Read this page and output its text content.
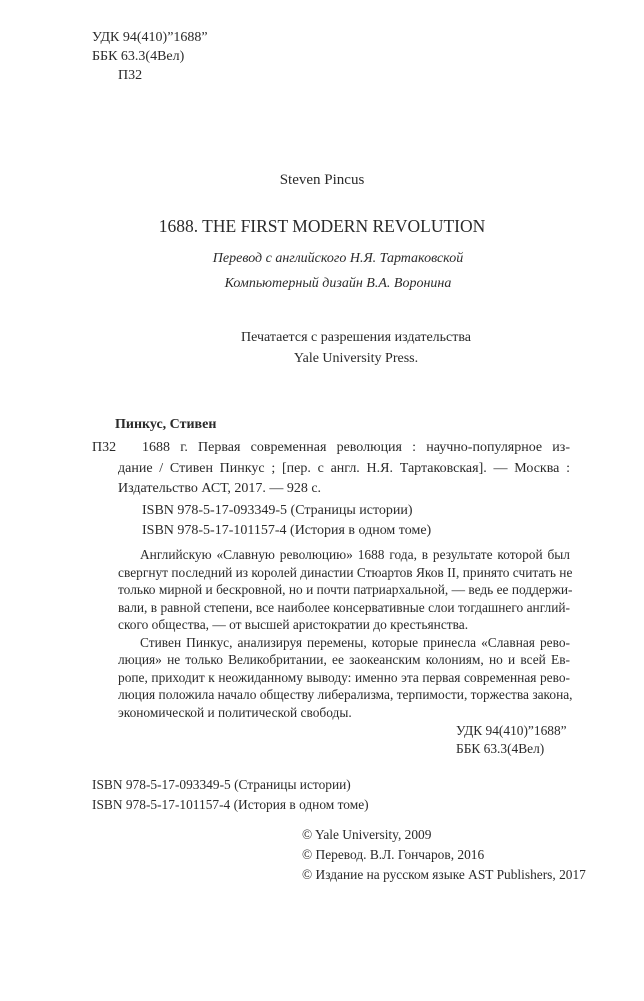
УДК 94(410)”1688”
ББК 63.3(4Вел)
П32
Steven Pincus
1688. THE FIRST MODERN REVOLUTION
Перевод с английского Н.Я. Тартаковской
Компьютерный дизайн В.А. Воронина
Печатается с разрешения издательства
Yale University Press.
Пинкус, Стивен
П32 1688 г. Первая современная революция : научно-популярное из-
дание / Стивен Пинкус ; [пер. с англ. Н.Я. Тартаковская]. — Москва :
Издательство АСТ, 2017. — 928 с.
ISBN 978-5-17-093349-5 (Страницы истории)
ISBN 978-5-17-101157-4 (История в одном томе)
Английскую «Славную революцию» 1688 года, в результате которой был
свергнут последний из королей династии Стюартов Яков II, принято считать не
только мирной и бескровной, но и почти патриархальной, — ведь ее поддержи-
вали, в равной степени, все наиболее консервативные слои тогдашнего англий-
ского общества, — от высшей аристократии до крестьянства.
Стивен Пинкус, анализируя перемены, которые принесла «Славная рево-
люция» не только Великобритании, ее заокеанским колониям, но и всей Ев-
ропе, приходит к неожиданному выводу: именно эта первая современная рево-
люция положила начало обществу либерализма, терпимости, торжества закона,
экономической и политической свободы.
УДК 94(410)”1688”
ББК 63.3(4Вел)
ISBN 978-5-17-093349-5 (Страницы истории)
ISBN 978-5-17-101157-4 (История в одном томе)
© Yale University, 2009
© Перевод. В.Л. Гончаров, 2016
© Издание на русском языке AST Publishers, 2017
